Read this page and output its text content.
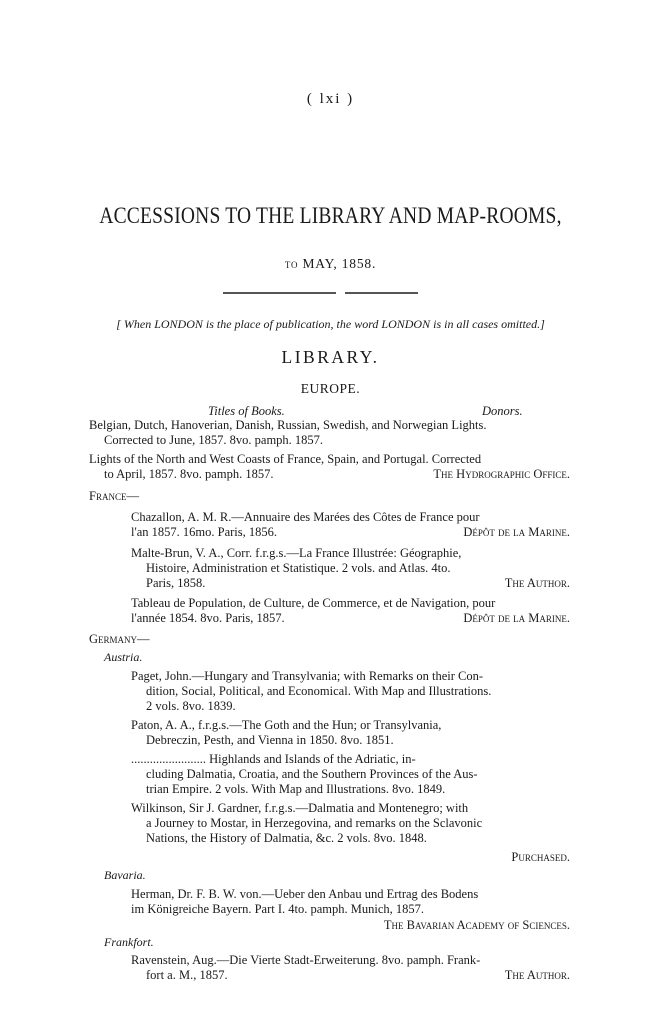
( lxi )
ACCESSIONS TO THE LIBRARY AND MAP-ROOMS,
to MAY, 1858.
[ When LONDON is the place of publication, the word LONDON is in all cases omitted.]
LIBRARY.
EUROPE.
Titles of Books.	Donors.
Belgian, Dutch, Hanoverian, Danish, Russian, Swedish, and Norwegian Lights.
Corrected to June, 1857. 8vo. pamph. 1857.
Lights of the North and West Coasts of France, Spain, and Portugal. Corrected
to April, 1857. 8vo. pamph. 1857.	The Hydrographic Office.
France—
Chazallon, A. M. R.—Annuaire des Marées des Côtes de France pour
l'an 1857. 16mo. Paris, 1856.	Dépôt de la Marine.
Malte-Brun, V. A., Corr. f.r.g.s.—La France Illustrée: Géographie,
Histoire, Administration et Statistique. 2 vols. and Atlas. 4to.
Paris, 1858.	The Author.
Tableau de Population, de Culture, de Commerce, et de Navigation, pour
l'année 1854. 8vo. Paris, 1857.	Dépôt de la Marine.
Germany—
Austria.
Paget, John.—Hungary and Transylvania; with Remarks on their Con-
dition, Social, Political, and Economical. With Map and Illustrations.
2 vols. 8vo. 1839.
Paton, A. A., f.r.g.s.—The Goth and the Hun; or Transylvania,
Debreczin, Pesth, and Vienna in 1850. 8vo. 1851.
........................ Highlands and Islands of the Adriatic, in-
cluding Dalmatia, Croatia, and the Southern Provinces of the Aus-
trian Empire. 2 vols. With Map and Illustrations. 8vo. 1849.
Wilkinson, Sir J. Gardner, f.r.g.s.—Dalmatia and Montenegro; with
a Journey to Mostar, in Herzegovina, and remarks on the Sclavonic
Nations, the History of Dalmatia, &c. 2 vols. 8vo. 1848.
Purchased.
Bavaria.
Herman, Dr. F. B. W. von.—Ueber den Anbau und Ertrag des Bodens
im Königreiche Bayern. Part I. 4to. pamph. Munich, 1857.
The Bavarian Academy of Sciences.
Frankfort.
Ravenstein, Aug.—Die Vierte Stadt-Erweiterung. 8vo. pamph. Frank-
fort a. M., 1857.	The Author.
